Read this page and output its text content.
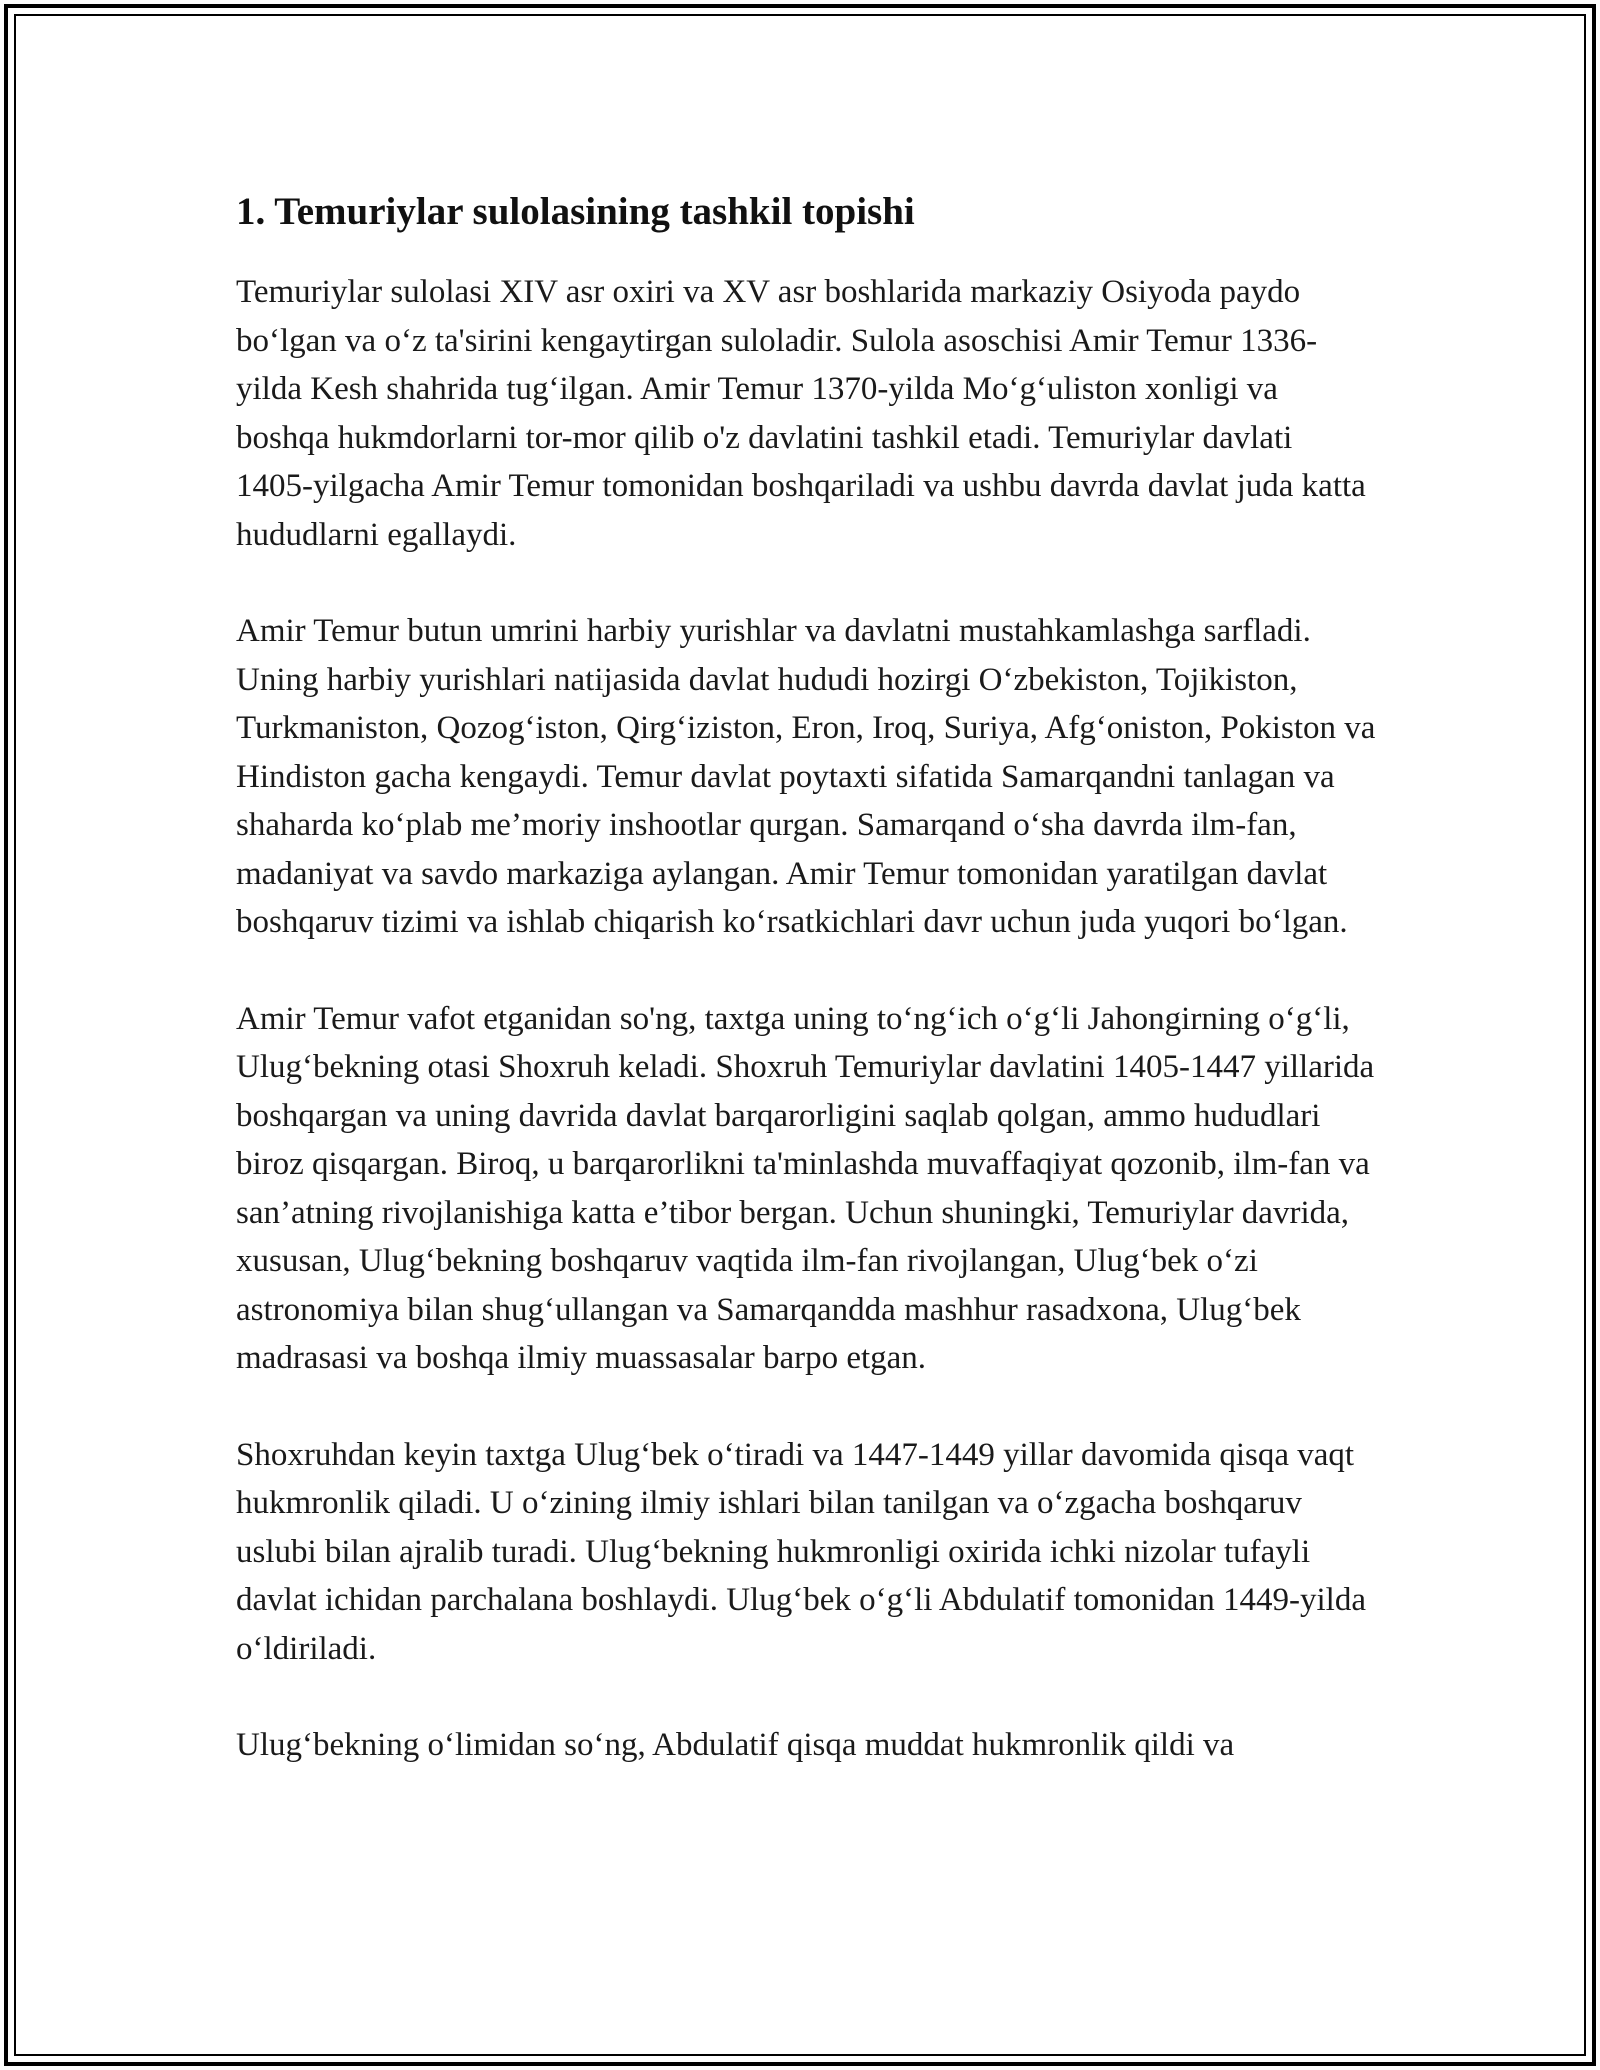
1. Temuriylar sulolasining tashkil topishi

Temuriylar sulolasi XIV asr oxiri va XV asr boshlarida markaziy Osiyoda paydo boʻlgan va oʻz ta'sirini kengaytirgan suloladir. Sulola asoschisi Amir Temur 1336-yilda Kesh shahrida tugʻilgan. Amir Temur 1370-yilda Moʻgʻuliston xonligi va boshqa hukmdorlarni tor-mor qilib o'z davlatini tashkil etadi. Temuriylar davlati 1405-yilgacha Amir Temur tomonidan boshqariladi va ushbu davrda davlat juda katta hududlarni egallaydi.

Amir Temur butun umrini harbiy yurishlar va davlatni mustahkamlashga sarfladi. Uning harbiy yurishlari natijasida davlat hududi hozirgi Oʻzbekiston, Tojikiston, Turkmaniston, Qozogʻiston, Qirgʻiziston, Eron, Iroq, Suriya, Afgʻoniston, Pokiston va Hindiston gacha kengaydi. Temur davlat poytaxti sifatida Samarqandni tanlagan va shaharda koʻplab me’moriy inshootlar qurgan. Samarqand oʻsha davrda ilm-fan, madaniyat va savdo markaziga aylangan. Amir Temur tomonidan yaratilgan davlat boshqaruv tizimi va ishlab chiqarish koʻrsatkichlari davr uchun juda yuqori boʻlgan.

Amir Temur vafot etganidan so'ng, taxtga uning toʻngʻich oʻgʻli Jahongirning oʻgʻli, Ulugʻbekning otasi Shoxruh keladi. Shoxruh Temuriylar davlatini 1405-1447 yillarida boshqargan va uning davrida davlat barqarorligini saqlab qolgan, ammo hududlari biroz qisqargan. Biroq, u barqarorlikni ta'minlashda muvaffaqiyat qozonib, ilm-fan va san’atning rivojlanishiga katta e’tibor bergan. Uchun shuningki, Temuriylar davrida, xususan, Ulugʻbekning boshqaruv vaqtida ilm-fan rivojlangan, Ulugʻbek oʻzi astronomiya bilan shugʻullangan va Samarqandda mashhur rasadxona, Ulugʻbek madrasasi va boshqa ilmiy muassasalar barpo etgan.

Shoxruhdan keyin taxtga Ulugʻbek oʻtiradi va 1447-1449 yillar davomida qisqa vaqt hukmronlik qiladi. U oʻzining ilmiy ishlari bilan tanilgan va oʻzgacha boshqaruv uslubi bilan ajralib turadi. Ulugʻbekning hukmronligi oxirida ichki nizolar tufayli davlat ichidan parchalana boshlaydi. Ulugʻbek oʻgʻli Abdulatif tomonidan 1449-yilda oʻldiriladi.

Ulugʻbekning oʻlimidan soʻng, Abdulatif qisqa muddat hukmronlik qildi va
